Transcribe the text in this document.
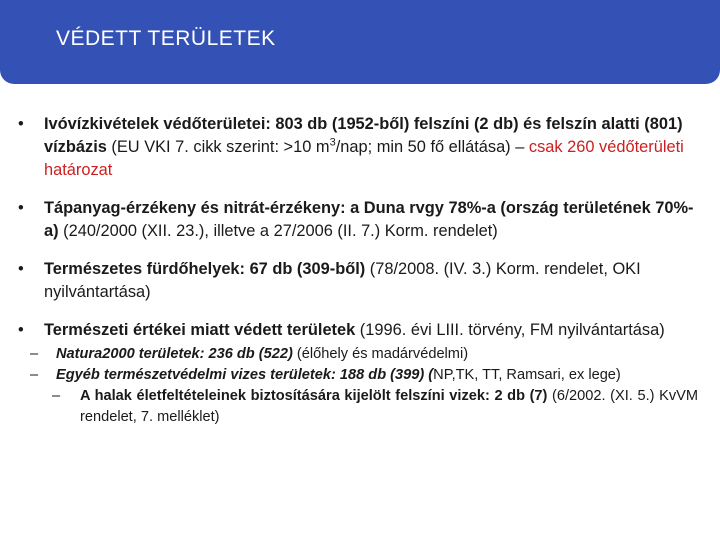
VÉDETT TERÜLETEK
• Ivóvízkivételek védőterületei: 803 db (1952-ből) felszíni (2 db) és felszín alatti (801) vízbázis (EU VKI 7. cikk szerint: >10 $m^3$/nap; min 50 fő ellátása) – csak 260 védőterületi határozat
• Tápanyag-érzékeny és nitrát-érzékeny: a Duna rvgy 78%-a (ország területének 70%-a) (240/2000 (XII. 23.), illetve a 27/2006 (II. 7.) Korm. rendelet)
• Természetes fürdőhelyek: 67 db (309-ből) (78/2008. (IV. 3.) Korm. rendelet, OKI nyilvántartása)
• Természeti értékei miatt védett területek (1996. évi LIII. törvény, FM nyilvántartása)
– Natura2000 területek: 236 db (522) (élőhely és madárvédelmi)
– Egyéb természetvédelmi vizes területek: 188 db (399) (NP,TK, TT, Ramsari, ex lege)
– A halak életfeltételeinek biztosítására kijelölt felszíni vizek: 2 db (7) (6/2002. (XI. 5.) KvVM rendelet, 7. melléklet)
